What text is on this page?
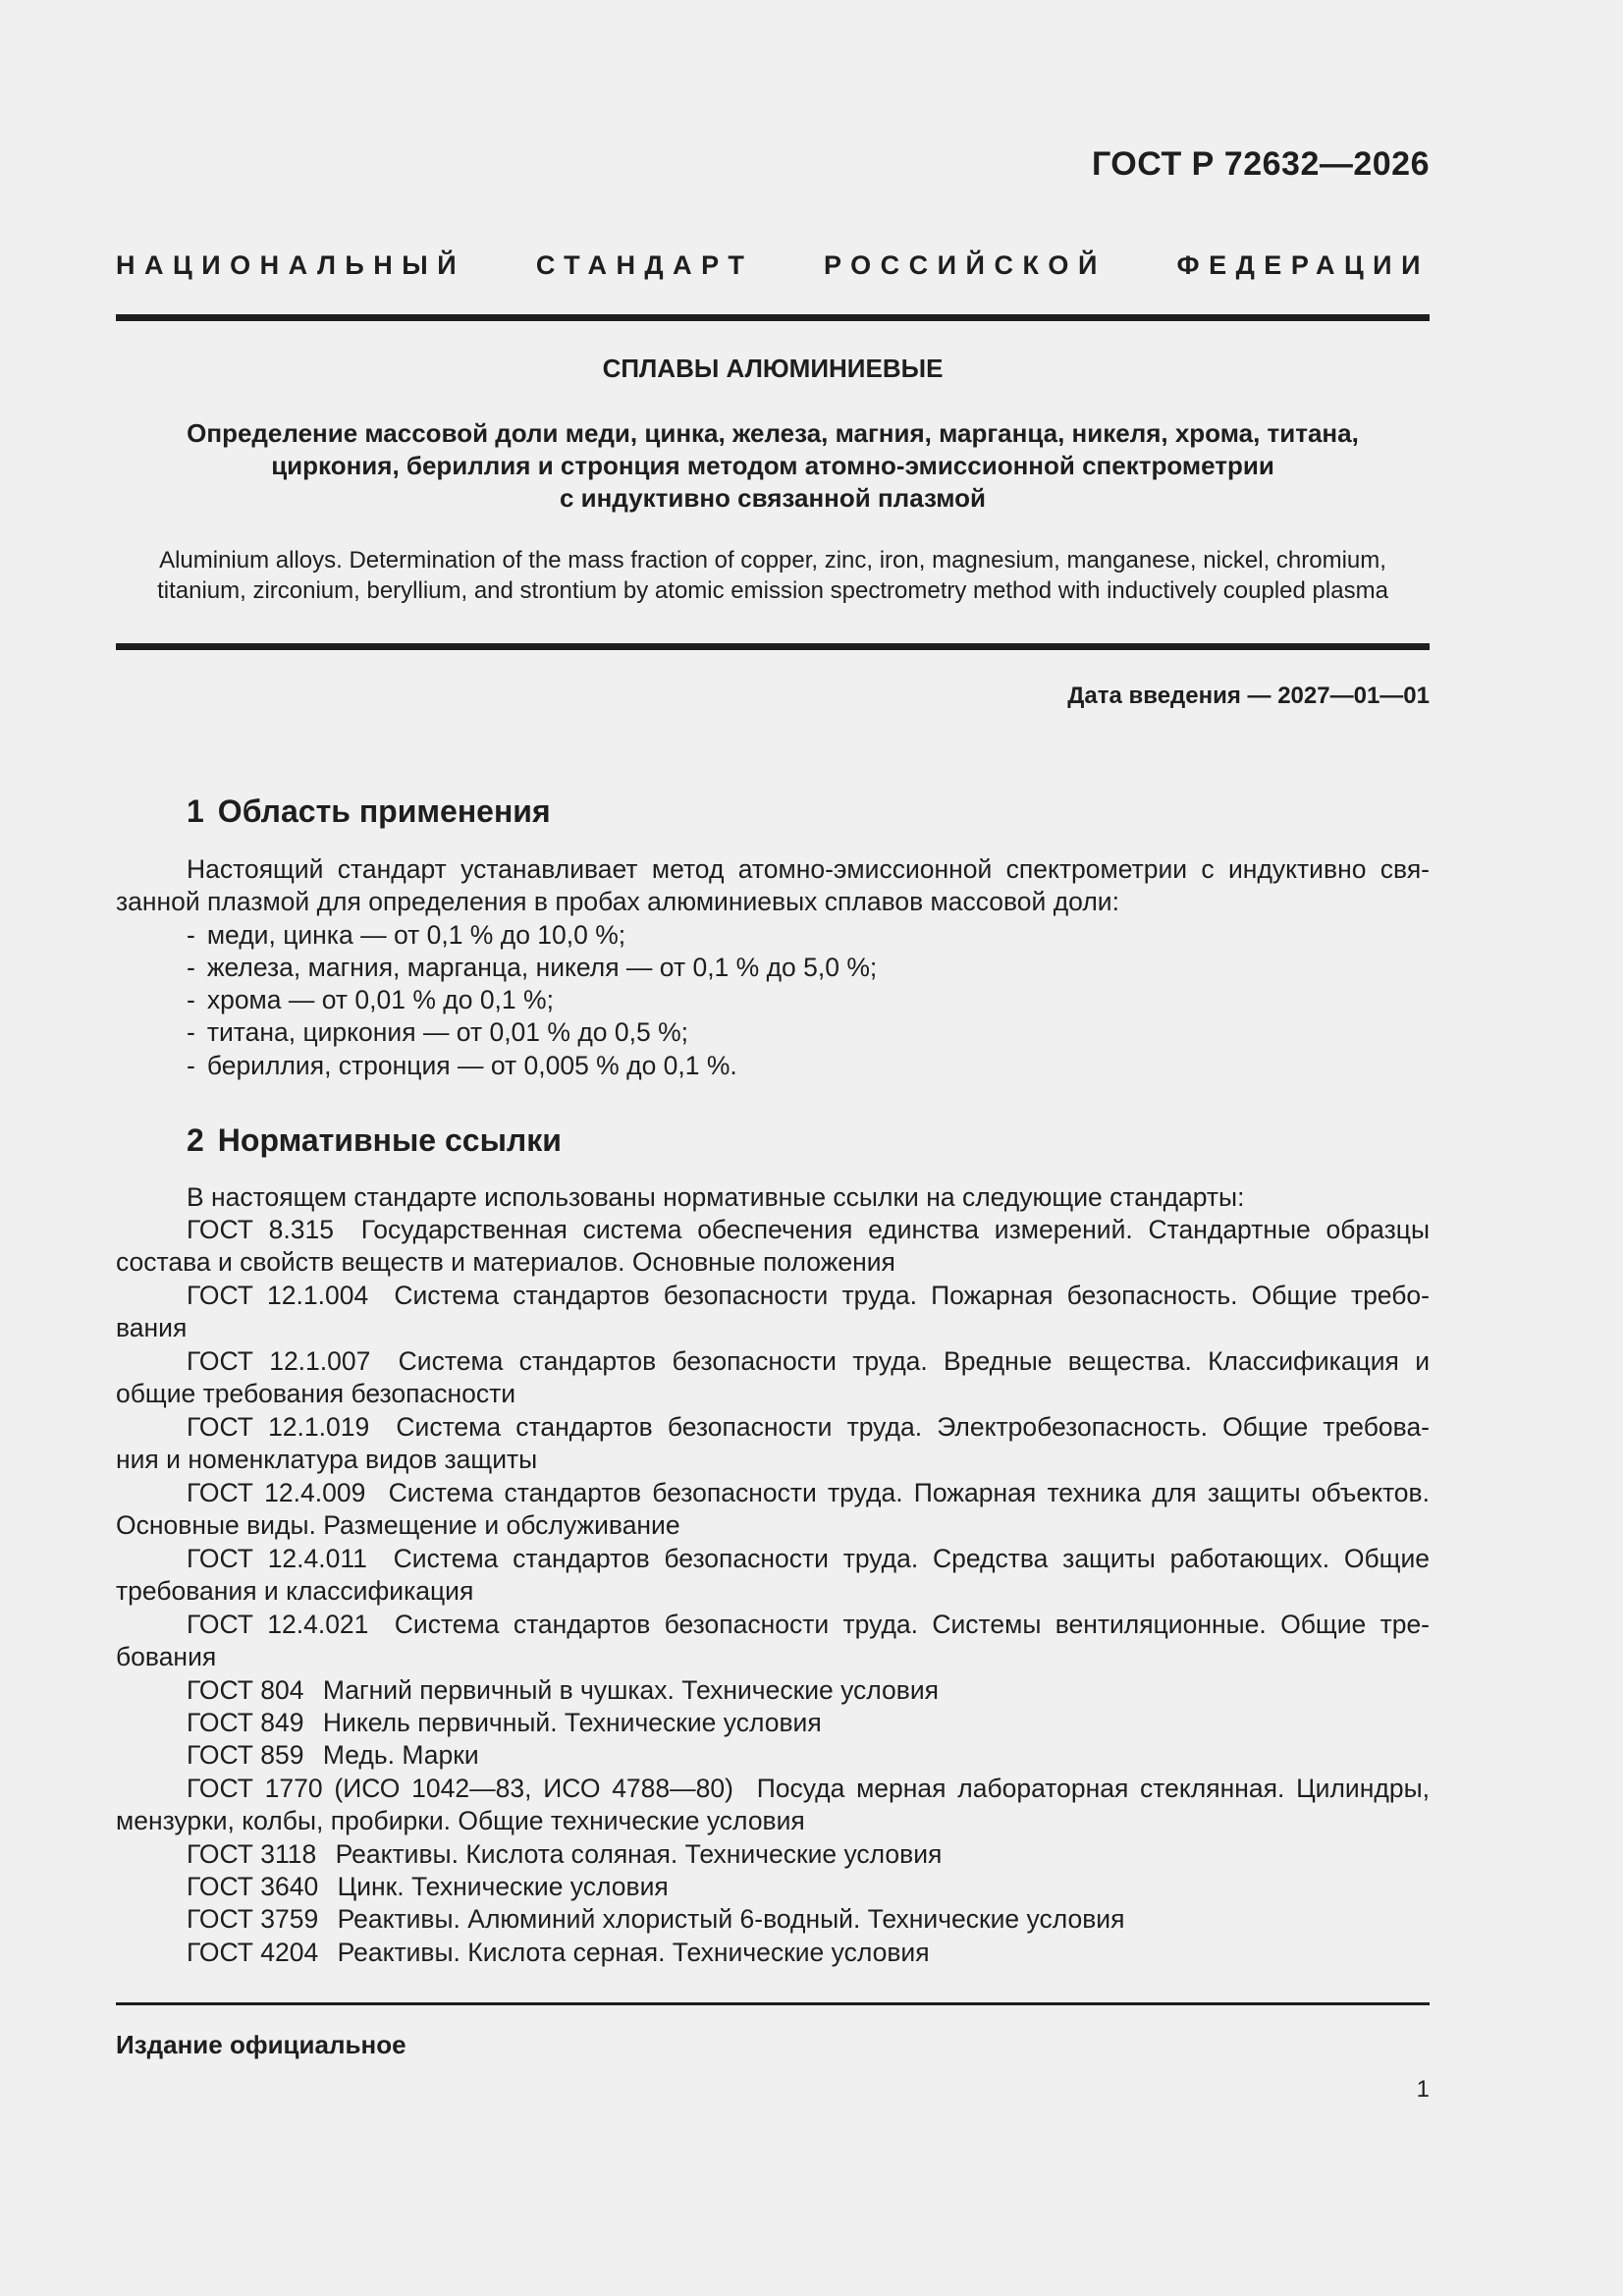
ГОСТ Р 72632—2026
НАЦИОНАЛЬНЫЙ СТАНДАРТ РОССИЙСКОЙ ФЕДЕРАЦИИ
СПЛАВЫ АЛЮМИНИЕВЫЕ
Определение массовой доли меди, цинка, железа, магния, марганца, никеля, хрома, титана,
циркония, бериллия и стронция методом атомно-эмиссионной спектрометрии
с индуктивно связанной плазмой
Aluminium alloys. Determination of the mass fraction of copper, zinc, iron, magnesium, manganese, nickel, chromium,
titanium, zirconium, beryllium, and strontium by atomic emission spectrometry method with inductively coupled plasma
Дата введения — 2027—01—01
1 Область применения
Настоящий стандарт устанавливает метод атомно-эмиссионной спектрометрии с индуктивно свя-
занной плазмой для определения в пробах алюминиевых сплавов массовой доли:
- меди, цинка — от 0,1 % до 10,0 %;
- железа, магния, марганца, никеля — от 0,1 % до 5,0 %;
- хрома — от 0,01 % до 0,1 %;
- титана, циркония — от 0,01 % до 0,5 %;
- бериллия, стронция — от 0,005 % до 0,1 %.
2 Нормативные ссылки
В настоящем стандарте использованы нормативные ссылки на следующие стандарты:
ГОСТ 8.315 Государственная система обеспечения единства измерений. Стандартные образцы
состава и свойств веществ и материалов. Основные положения
ГОСТ 12.1.004 Система стандартов безопасности труда. Пожарная безопасность. Общие требо-
вания
ГОСТ 12.1.007 Система стандартов безопасности труда. Вредные вещества. Классификация и
общие требования безопасности
ГОСТ 12.1.019 Система стандартов безопасности труда. Электробезопасность. Общие требова-
ния и номенклатура видов защиты
ГОСТ 12.4.009 Система стандартов безопасности труда. Пожарная техника для защиты объектов.
Основные виды. Размещение и обслуживание
ГОСТ 12.4.011 Система стандартов безопасности труда. Средства защиты работающих. Общие
требования и классификация
ГОСТ 12.4.021 Система стандартов безопасности труда. Системы вентиляционные. Общие тре-
бования
ГОСТ 804 Магний первичный в чушках. Технические условия
ГОСТ 849 Никель первичный. Технические условия
ГОСТ 859 Медь. Марки
ГОСТ 1770 (ИСО 1042—83, ИСО 4788—80) Посуда мерная лабораторная стеклянная. Цилиндры,
мензурки, колбы, пробирки. Общие технические условия
ГОСТ 3118 Реактивы. Кислота соляная. Технические условия
ГОСТ 3640 Цинк. Технические условия
ГОСТ 3759 Реактивы. Алюминий хлористый 6-водный. Технические условия
ГОСТ 4204 Реактивы. Кислота серная. Технические условия
Издание официальное
1
